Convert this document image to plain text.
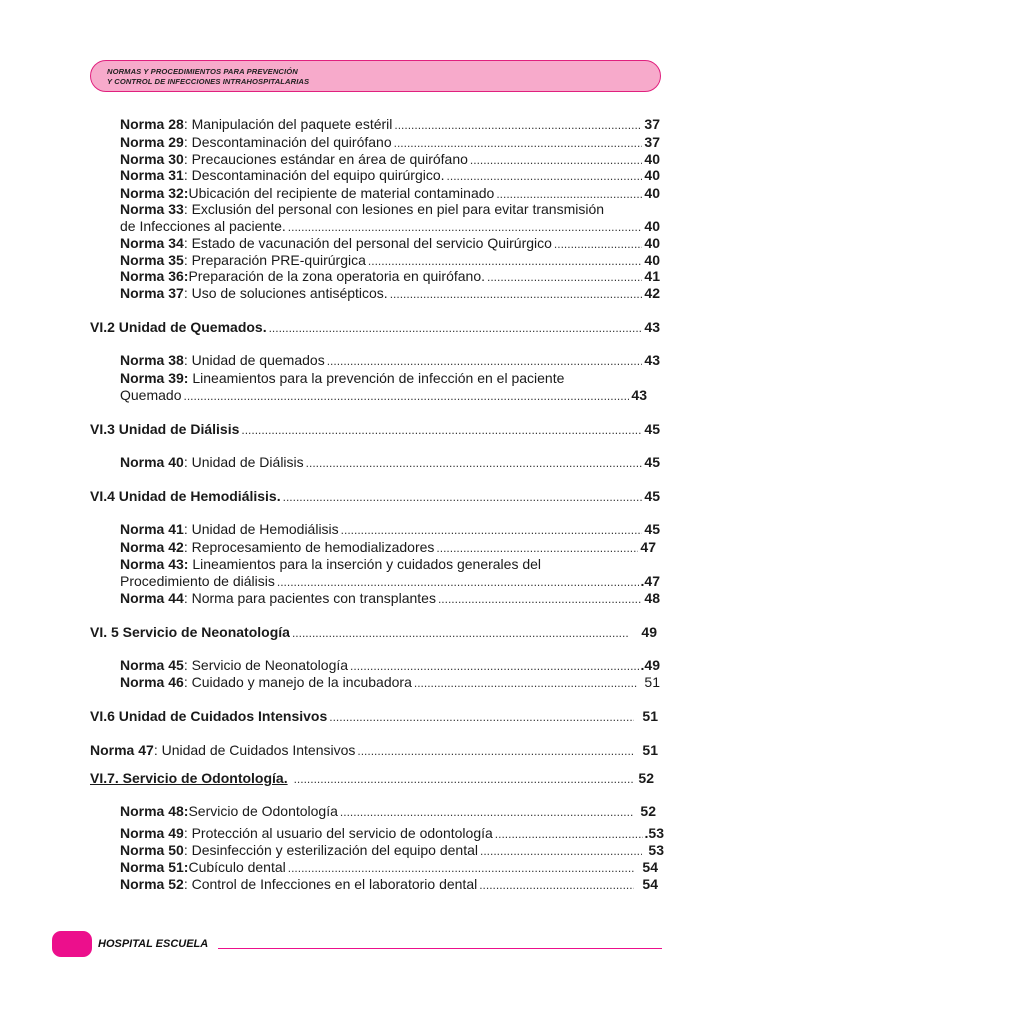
NORMAS Y PROCEDIMIENTOS PARA PREVENCIÓN
Y CONTROL DE INFECCIONES INTRAHOSPITALARIAS
Norma 28 : Manipulación del paquete estéril .....	37
Norma 29 : Descontaminación del quirófano .....	37
Norma 30 : Precauciones estándar en área de quirófano .....	40
Norma 31 : Descontaminación del equipo quirúrgico. .....	40
Norma 32: Ubicación del recipiente de material contaminado .....	40
Norma 33: Exclusión del personal con lesiones en piel para evitar transmisión
de Infecciones al paciente. .....	40
Norma 34 : Estado de vacunación del personal del servicio Quirúrgico .....	40
Norma 35 : Preparación PRE-quirúrgica .....	40
Norma 36: Preparación de la zona operatoria en quirófano. .....	41
Norma 37 : Uso de soluciones antisépticos. .....	42
VI.2 Unidad de Quemados. .....	43
Norma 38 : Unidad de quemados .....	43
Norma 39: Lineamientos para la prevención de infección en el paciente
Quemado .....	43
VI.3 Unidad de Diálisis .....	45
Norma 40 : Unidad de Diálisis .....	45
VI.4 Unidad de Hemodiálisis. .....	45
Norma 41 : Unidad de Hemodiálisis .....	45
Norma 42 : Reprocesamiento de hemodializadores .....	47
Norma 43: Lineamientos para la inserción y cuidados generales del
Procedimiento de diálisis .....	.47
Norma 44 : Norma para pacientes con transplantes .....	48
VI. 5 Servicio de Neonatología .....	49
Norma 45 : Servicio de Neonatología .....	.49
Norma 46 : Cuidado y manejo de la incubadora .....	51
VI.6 Unidad de Cuidados Intensivos .....	51
Norma 47 : Unidad de Cuidados Intensivos .....	51
VI.7. Servicio de Odontología. .....	52
Norma 48: Servicio de Odontología .....	52
Norma 49 : Protección al usuario del servicio de odontología .....	.53
Norma 50 : Desinfección y esterilización del equipo dental .....	53
Norma 51: Cubículo dental .....	54
Norma 52 : Control de Infecciones en el laboratorio dental .....	54
HOSPITAL ESCUELA
